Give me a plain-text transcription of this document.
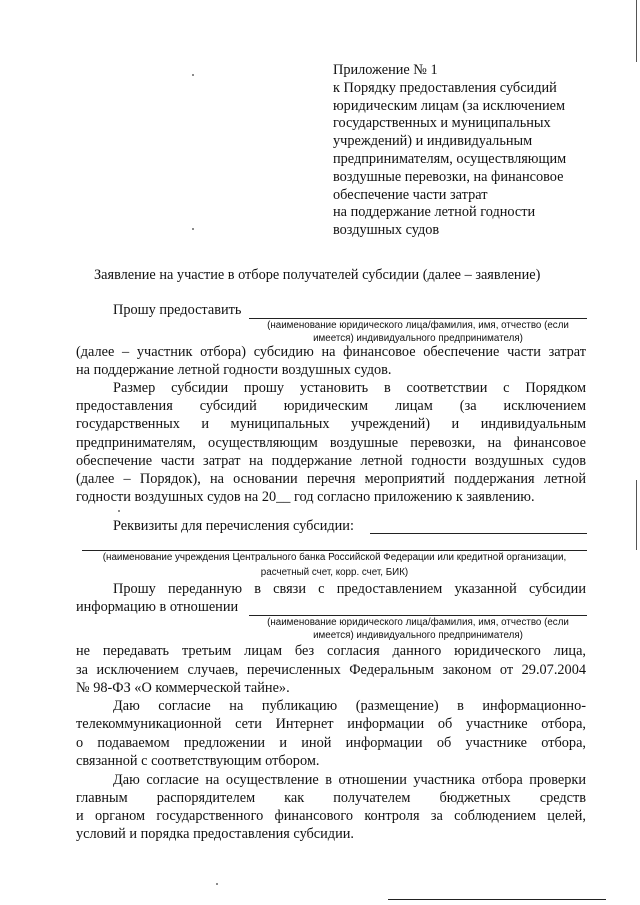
Приложение № 1
к Порядку предоставления субсидий
юридическим лицам (за исключением
государственных и муниципальных
учреждений) и индивидуальным
предпринимателям, осуществляющим
воздушные перевозки, на финансовое
обеспечение части затрат
на поддержание летной годности
воздушных судов
Заявление на участие в отборе получателей субсидии (далее – заявление)
Прошу предоставить
(наименование юридического лица/фамилия, имя, отчество (если
имеется) индивидуального предпринимателя)
(далее – участник отбора) субсидию на финансовое обеспечение части затрат
на поддержание летной годности воздушных судов.
Размер субсидии прошу установить в соответствии с Порядком
предоставления субсидий юридическим лицам (за исключением
государственных и муниципальных учреждений) и индивидуальным
предпринимателям, осуществляющим воздушные перевозки, на финансовое
обеспечение части затрат на поддержание летной годности воздушных судов
(далее – Порядок), на основании перечня мероприятий поддержания летной
годности воздушных судов на 20__ год согласно приложению к заявлению.
Реквизиты для перечисления субсидии:
(наименование учреждения Центрального банка Российской Федерации или кредитной организации,
расчетный счет, корр. счет, БИК)
Прошу переданную в связи с предоставлением указанной субсидии
информацию в отношении
(наименование юридического лица/фамилия, имя, отчество (если
имеется) индивидуального предпринимателя)
не передавать третьим лицам без согласия данного юридического лица,
за исключением случаев, перечисленных Федеральным законом от 29.07.2004
№ 98-ФЗ «О коммерческой тайне».
Даю согласие на публикацию (размещение) в информационно-
телекоммуникационной сети Интернет информации об участнике отбора,
о подаваемом предложении и иной информации об участнике отбора,
связанной с соответствующим отбором.
Даю согласие на осуществление в отношении участника отбора проверки
главным распорядителем как получателем бюджетных средств
и органом государственного финансового контроля за соблюдением целей,
условий и порядка предоставления субсидии.
